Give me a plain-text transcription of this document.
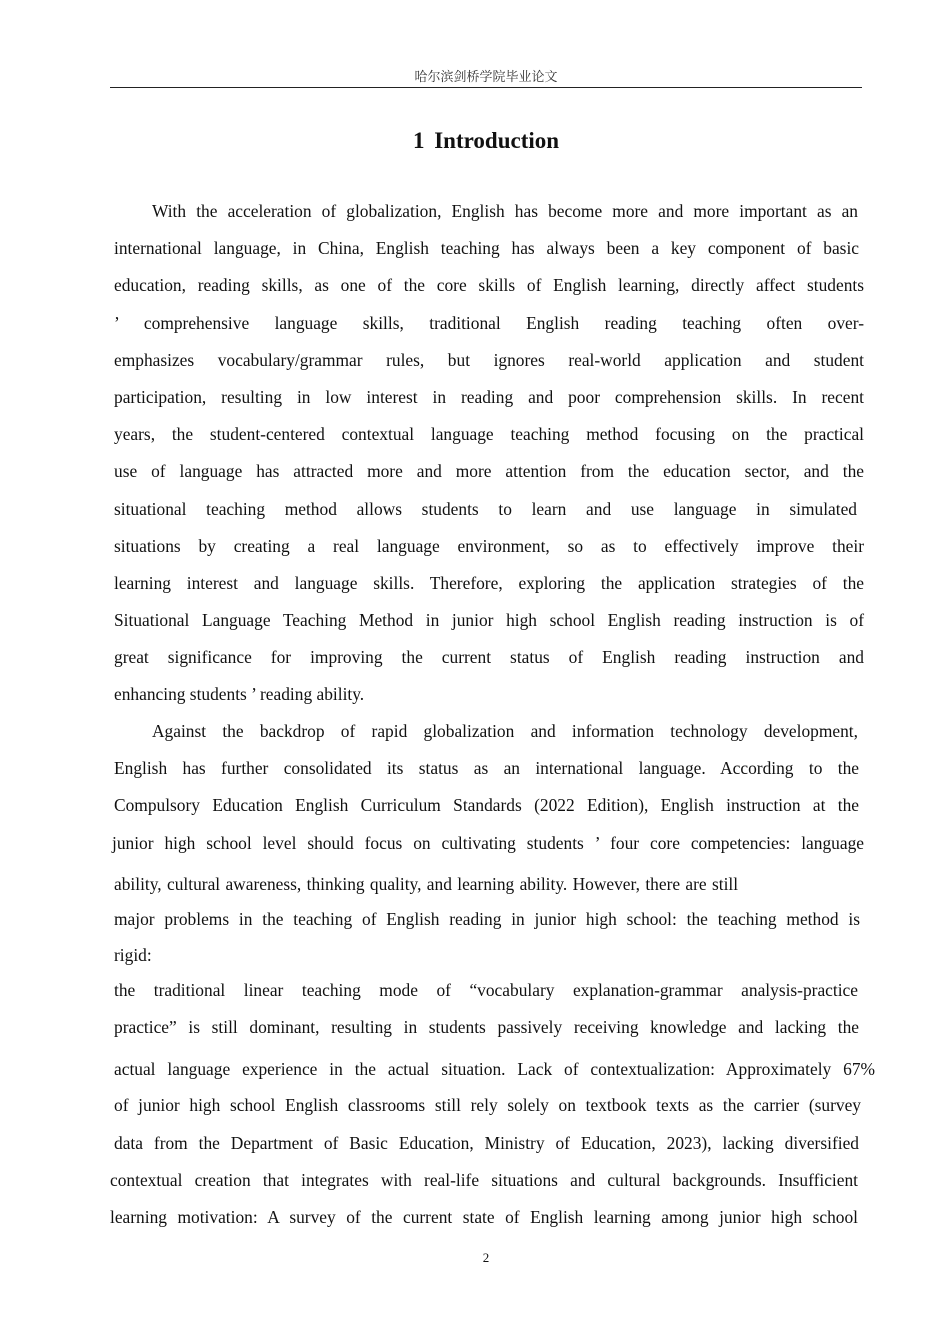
哈尔滨剑桥学院毕业论文
1 Introduction
With the acceleration of globalization, English has become more and more important as an
international language, in China, English teaching has always been a key component of basic
education, reading skills, as one of the core skills of English learning, directly affect students
’ comprehensive language skills, traditional English reading teaching often over-
emphasizes vocabulary/grammar rules, but ignores real-world application and student
participation, resulting in low interest in reading and poor comprehension skills. In recent
years, the student-centered contextual language teaching method focusing on the practical
use of language has attracted more and more attention from the education sector, and the
situational teaching method allows students to learn and use language in simulated
situations by creating a real language environment, so as to effectively improve their
learning interest and language skills. Therefore, exploring the application strategies of the
Situational Language Teaching Method in junior high school English reading instruction is of
great significance for improving the current status of English reading instruction and
enhancing students ’ reading ability.
Against the backdrop of rapid globalization and information technology development,
English has further consolidated its status as an international language. According to the
Compulsory Education English Curriculum Standards (2022 Edition), English instruction at the
junior high school level should focus on cultivating students ’ four core competencies: language
ability, cultural awareness, thinking quality, and learning ability. However, there are still
major problems in the teaching of English reading in junior high school: the teaching method is
rigid:
the traditional linear teaching mode of “vocabulary explanation-grammar analysis-practice
practice” is still dominant, resulting in students passively receiving knowledge and lacking the
actual language experience in the actual situation. Lack of contextualization: Approximately 67%
of junior high school English classrooms still rely solely on textbook texts as the carrier (survey
data from the Department of Basic Education, Ministry of Education, 2023), lacking diversified
contextual creation that integrates with real-life situations and cultural backgrounds. Insufficient
learning motivation: A survey of the current state of English learning among junior high school
2
